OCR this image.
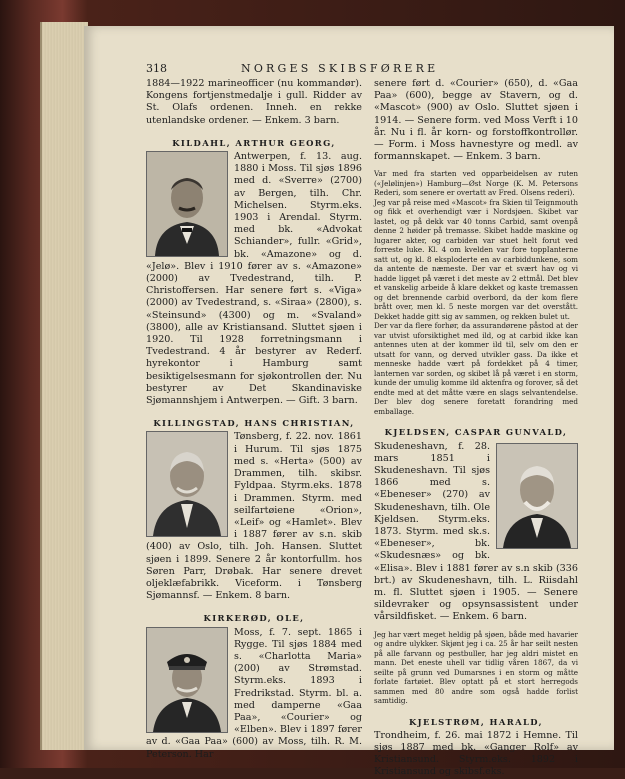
318	NORGES SKIBSFØRERE

1884—1922 marineofficer (nu kommandør). Kongens fortjenstmedalje i gull. Ridder av St. Olafs ordenen. Inneh. en rekke utenlandske ordener. — Enkem. 3 barn.

KILDAHL, ARTHUR GEORG,

Antwerpen, f. 13. aug. 1880 i Moss. Til sjøs 1896 med d. «Sverre» (2700) av Bergen, tilh. Chr. Michelsen. Styrm.eks. 1903 i Arendal. Styrm. med bk. «Advokat Schiander», fullr. «Grid», bk. «Amazone» og d. «Jelø». Blev i 1910 fører av s. «Amazone» (2000) av Tvedestrand, tilh. P. Christoffersen. Har senere ført s. «Viga» (2000) av Tvedestrand, s. «Siraa» (2800), s. «Steinsund» (4300) og m. «Svaland» (3800), alle av Kristiansand. Sluttet sjøen i 1920. Til 1928 forretningsmann i Tvedestrand. 4 år bestyrer av Rederf. hyrekontor i Hamburg samt besiktigelsesmann for sjøkontrollen der. Nu bestyrer av Det Skandinaviske Sjømannshjem i Antwerpen. — Gift. 3 barn.

KILLINGSTAD, HANS CHRISTIAN,

Tønsberg, f. 22. nov. 1861 i Hurum. Til sjøs 1875 med s. «Herta» (500) av Drammen, tilh. skibsr. Fyldpaa. Styrm.eks. 1878 i Drammen. Styrm. med seilfartøiene «Orion», «Leif» og «Hamlet». Blev i 1887 fører av s.n. skib (400) av Oslo, tilh. Joh. Hansen. Sluttet sjøen i 1899. Senere 2 år kontorfullm. hos Søren Parr, Drøbak. Har senere drevet oljeklæfabrikk. Viceform. i Tønsberg Sjømannsf. — Enkem. 8 barn.

KIRKERØD, OLE,

Moss, f. 7. sept. 1865 i Rygge. Til sjøs 1884 med s. «Charlotta Maria» (200) av Strømstad. Styrm.eks. 1893 i Fredrikstad. Styrm. bl. a. med damperne «Gaa Paa», «Courier» og «Elben». Blev i 1897 fører av d. «Gaa Paa» (600) av Moss, tilh. R. M. Peterson. Har

senere ført d. «Courier» (650), d. «Gaa Paa» (600), begge av Stavern, og d. «Mascot» (900) av Oslo. Sluttet sjøen i 1914. — Senere form. ved Moss Verft i 10 år. Nu i fl. år korn- og forstoffkontrollør. — Form. i Moss havnestyre og medl. av formannskapet. — Enkem. 3 barn.

Var med fra starten ved opparbeidelsen av ruten («Jelølinjen») Hamburg—Øst Norge (K. M. Petersons Rederi, som senere er overtatt av Fred. Olsens rederi).

Jeg var på reise med «Mascot» fra Skien til Teignmouth og fikk et overhendigt vær i Nordsjøen. Skibet var lastet, og på dekk var 40 tonns Carbid, samt ovenpå denne 2 høider på tremasse. Skibet hadde maskine og lugarer akter, og carbiden var stuet helt forut ved forreste luke. Kl. 4 om kvelden var fore toppIanterne satt ut, og kl. 8 eksploderte en av carbiddunkene, som da antente de næmeste. Der var et svært hav og vi hadde ligget på været i det meste av 2 ettmål. Det blev et vanskelig arbeide å klare dekket og kaste tremassen og det brennende carbid overbord, da der kom flere brått over, men kl. 5 neste morgen var det overstått. Dekket hadde gitt sig av sammen, og rekken bulet ut.

Der var da flere forhør, da assurandørene påstod at der var utvist uforsiktighet med ild, og at carbid ikke kan antennes uten at der kommer ild til, selv om den er utsatt for vann, og derved utvikler gass. Da ikke et menneske hadde vært på fordekket på 4 timer, lanternen var sorden, og skibet lå på været i en storm, kunde der umulig komme ild aktenfra og forover, så det endte med at det måtte være en slags selvantendelse. Der blev dog senere foretatt forandring med emballage.

KJELDSEN, CASPAR GUNVALD,

Skudeneshavn, f. 28. mars 1851 i Skudeneshavn. Til sjøs 1866 med s. «Ebeneser» (270) av Skudeneshavn, tilh. Ole Kjeldsen. Styrm.eks. 1873. Styrm. med sk.s. «Ebeneser», bk. «Skudesnæs» og bk. «Elisa». Blev i 1881 fører av s.n skib (336 brt.) av Skudeneshavn, tilh. L. Riisdahl m. fl. Sluttet sjøen i 1905. — Senere sildevraker og opsynsassistent under vårsildfisket. — Enkem. 6 barn.

Jeg har vært meget heldig på sjøen, både med havarier og andre ulykker. Skjønt jeg i ca. 25 år har seilt nesten på alle farvann og pestbuller, har jeg aldri mistet en mann. Det eneste uhell var tidlig våren 1867, da vi seilte på grunn ved Dumarsnes i en storm og måtte forlate fartøiet. Blev optatt på et stort herregods sammen med 80 andre som også hadde forlist samtidig.

KJELSTRØM, HARALD,

Trondheim, f. 26. mai 1872 i Hemne. Til sjøs 1887 med bk. «Ganger Rolf» av Kristiansund. Styrm.eks. 1892 i Kristiansund og skibsf.eks.
